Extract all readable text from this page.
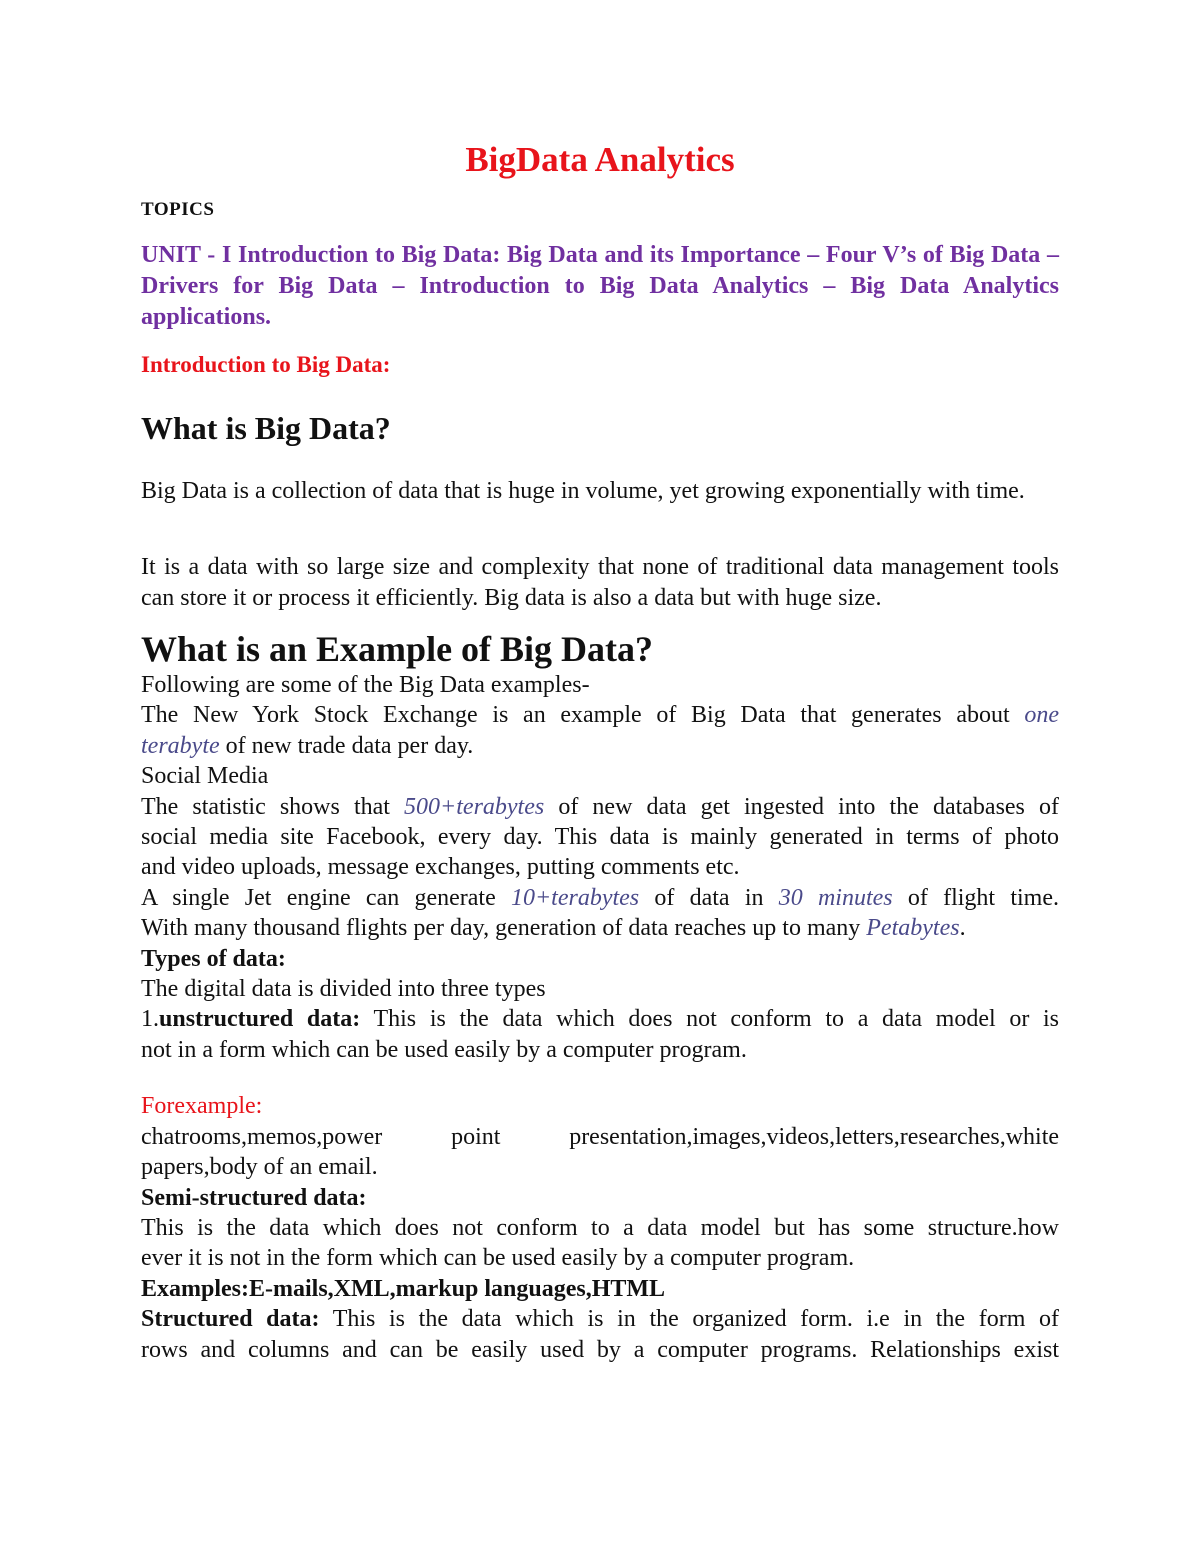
BigData Analytics
TOPICS
UNIT - I Introduction to Big Data: Big Data and its Importance – Four V’s of Big Data – Drivers for Big Data – Introduction to Big Data Analytics – Big Data Analytics applications.
Introduction to Big Data:
What is Big Data?
Big Data is a collection of data that is huge in volume, yet growing exponentially with time.
It is a data with so large size and complexity that none of traditional data management tools can store it or process it efficiently. Big data is also a data but with huge size.
What is an Example of Big Data?
Following are some of the Big Data examples-
The New York Stock Exchange is an example of Big Data that generates about one
terabyte of new trade data per day.
Social Media
The statistic shows that 500+terabytes of new data get ingested into the databases of
social media site Facebook, every day. This data is mainly generated in terms of photo
and video uploads, message exchanges, putting comments etc.
A single Jet engine can generate 10+terabytes of data in 30 minutes of flight time.
With many thousand flights per day, generation of data reaches up to many Petabytes.
Types of data:
The digital data is divided into three types
1.unstructured data: This is the data which does not conform to a data model or is
not in a form which can be used easily by a computer program.
Forexample:
chatrooms,memos,power	point	presentation,images,videos,letters,researches,white
papers,body of an email.
Semi-structured data:
This is the data which does not conform to a data model but has some structure.how
ever it is not in the form which can be used easily by a computer program.
Examples:E-mails,XML,markup languages,HTML
Structured data: This is the data which is in the organized form. i.e in the form of
rows and columns and can be easily used by a computer programs. Relationships exist
